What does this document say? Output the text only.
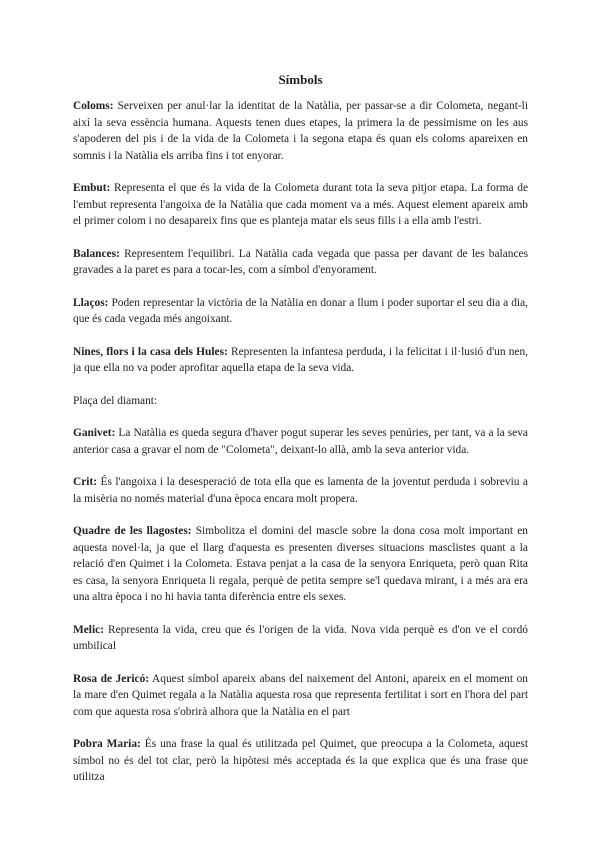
Símbols
Coloms: Serveixen per anul·lar la identitat de la Natàlia, per passar-se a dir Colometa, negant-li així la seva essència humana. Aquests tenen dues etapes, la primera la de pessimisme on les aus s'apoderen del pis i de la vida de la Colometa i la segona etapa és quan els coloms apareixen en somnis i la Natàlia els arriba fins i tot enyorar.
Embut: Representa el que és la vida de la Colometa durant tota la seva pitjor etapa. La forma de l'embut representa l'angoixa de la Natàlia que cada moment va a més. Aquest element apareix amb el primer colom i no desapareix fins que es planteja matar els seus fills i a ella amb l'estri.
Balances: Representem l'equilibri. La Natàlia cada vegada que passa per davant de les balances gravades a la paret es para a tocar-les, com a símbol d'enyorament.
Llaços: Poden representar la victòria de la Natàlia en donar a llum i poder suportar el seu dia a dia, que és cada vegada més angoixant.
Nines, flors i la casa dels Hules: Representen la infantesa perduda, i la felicitat i il·lusió d'un nen, ja que ella no va poder aprofitar aquella etapa de la seva vida.
Plaça del diamant:
Ganivet: La Natàlia es queda segura d'haver pogut superar les seves penúries, per tant, va a la seva anterior casa a gravar el nom de "Colometa", deixant-lo allà, amb la seva anterior vida.
Crit: És l'angoixa i la desesperació de tota ella que es lamenta de la joventut perduda i sobreviu a la misèria no només material d'una època encara molt propera.
Quadre de les llagostes: Simbolitza el domini del mascle sobre la dona cosa molt important en aquesta novel·la, ja que el llarg d'aquesta es presenten diverses situacions masclistes quant a la relació d'en Quimet i la Colometa. Estava penjat a la casa de la senyora Enriqueta, però quan Rita es casa, la senyora Enriqueta li regala, perquè de petita sempre se'l quedava mirant, i a més ara era una altra època i no hi havia tanta diferència entre els sexes.
Melic: Representa la vida, creu que és l'origen de la vida. Nova vida perquè es d'on ve el cordó umbilical
Rosa de Jericó: Aquest símbol apareix abans del naixement del Antoni, apareix en el moment on la mare d'en Quimet regala a la Natàlia aquesta rosa que representa fertilitat i sort en l'hora del part com que aquesta rosa s'obrirà alhora que la Natàlia en el part
Pobra Maria: És una frase la qual és utilitzada pel Quimet, que preocupa a la Colometa, aquest símbol no és del tot clar, però la hipòtesi més acceptada és la que explica que és una frase que utilitza
